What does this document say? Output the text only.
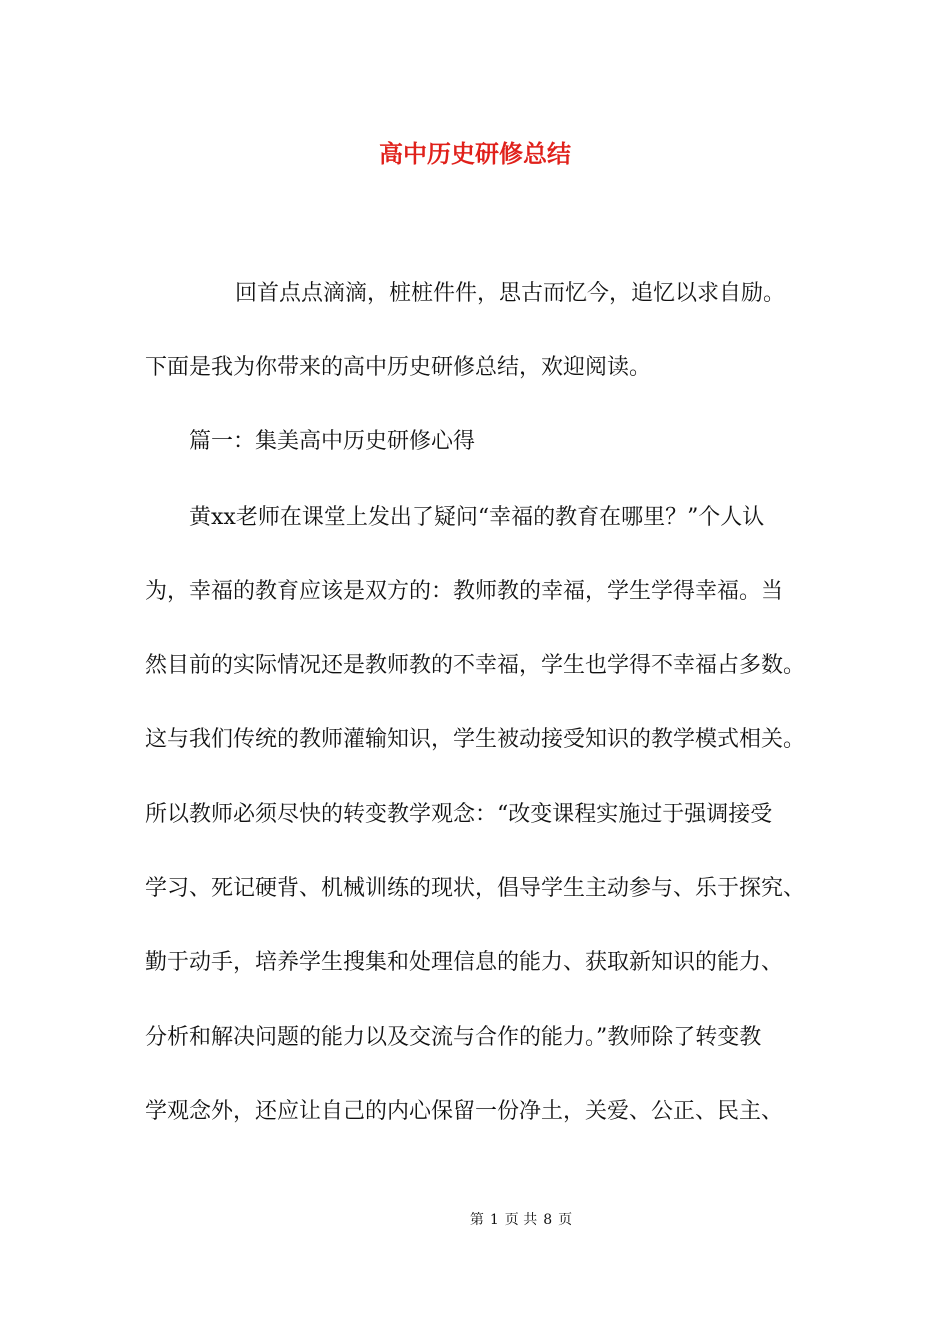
高中历史研修总结
回首点点滴滴，桩桩件件，思古而忆今，追忆以求自励。
下面是我为你带来的高中历史研修总结，欢迎阅读。
篇一：集美高中历史研修心得
黄xx老师在课堂上发出了疑问“幸福的教育在哪里？”个人认
为，幸福的教育应该是双方的：教师教的幸福，学生学得幸福。当
然目前的实际情况还是教师教的不幸福，学生也学得不幸福占多数。
这与我们传统的教师灌输知识，学生被动接受知识的教学模式相关。
所以教师必须尽快的转变教学观念：“改变课程实施过于强调接受
学习、死记硬背、机械训练的现状，倡导学生主动参与、乐于探究、
勤于动手，培养学生搜集和处理信息的能力、获取新知识的能力、
分析和解决问题的能力以及交流与合作的能力。”教师除了转变教
学观念外，还应让自己的内心保留一份净土，关爱、公正、民主、
第 1 页 共 8 页
